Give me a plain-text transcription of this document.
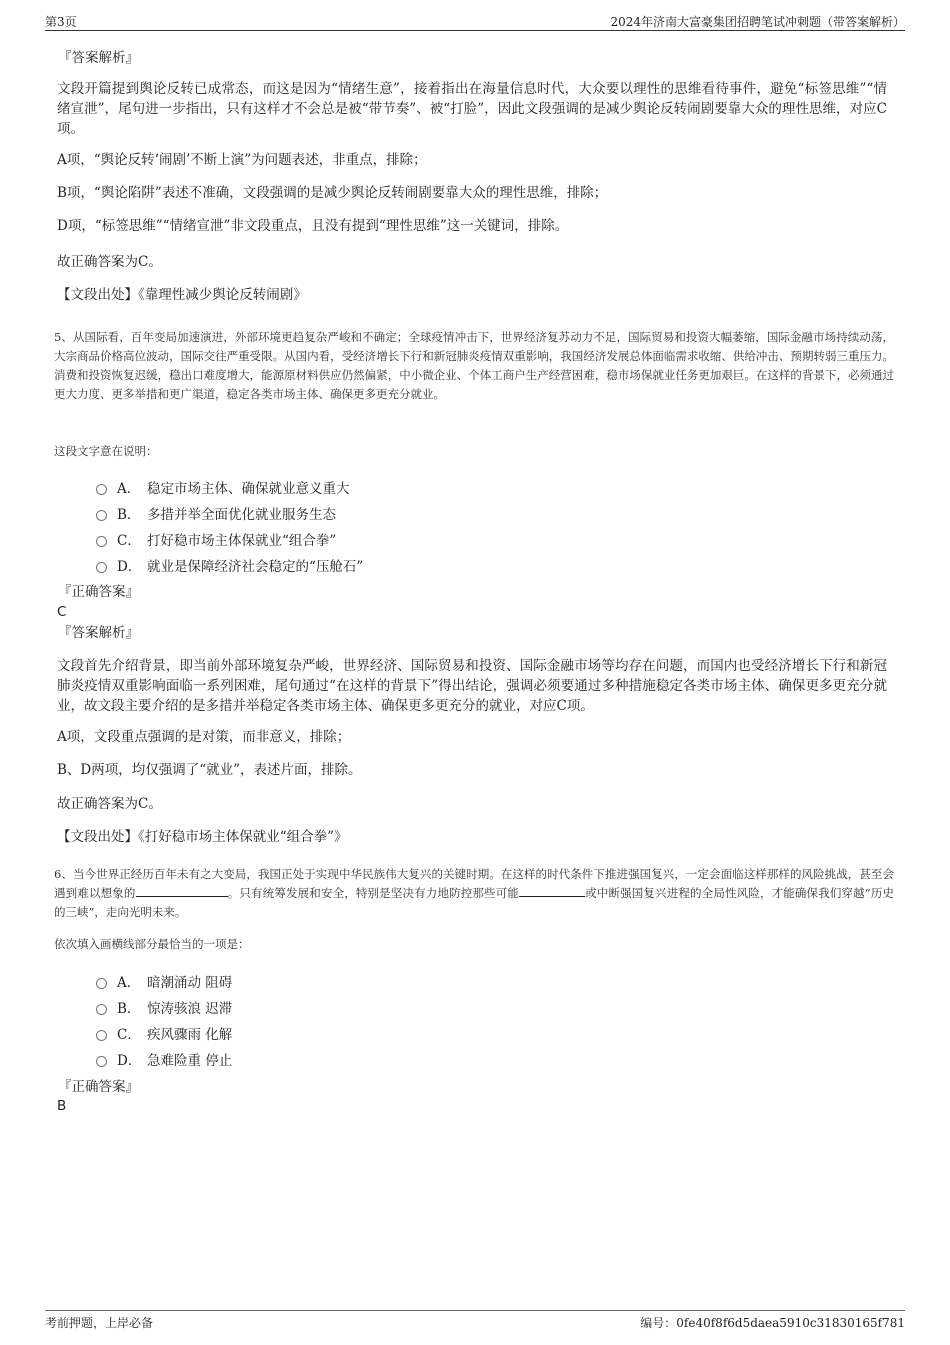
第3页	2024年济南大富豪集团招聘笔试冲刺题（带答案解析）
『答案解析』
文段开篇提到舆论反转已成常态，而这是因为“情绪生意”，接着指出在海量信息时代，大众要以理性的思维看待事件，避免“标签思维”“情绪宣泄”，尾句进一步指出，只有这样才不会总是被“带节奏”、被“打脸”，因此文段强调的是减少舆论反转闹剧要靠大众的理性思维，对应C项。
A项，“舆论反转‘闹剧’不断上演”为问题表述，非重点，排除；
B项，“舆论陷阱”表述不准确，文段强调的是减少舆论反转闹剧要靠大众的理性思维，排除；
D项，“标签思维”“情绪宣泄”非文段重点，且没有提到“理性思维”这一关键词，排除。
故正确答案为C。
【文段出处】《靠理性减少舆论反转闹剧》
5、从国际看，百年变局加速演进，外部环境更趋复杂严峻和不确定；全球疫情冲击下，世界经济复苏动力不足，国际贸易和投资大幅萎缩，国际金融市场持续动荡，大宗商品价格高位波动，国际交往严重受限。从国内看，受经济增长下行和新冠肺炎疫情双重影响，我国经济发展总体面临需求收缩、供给冲击、预期转弱三重压力。消费和投资恢复迟缓，稳出口难度增大，能源原材料供应仍然偏紧，中小微企业、个体工商户生产经营困难，稳市场保就业任务更加艰巨。在这样的背景下，必须通过更大力度、更多举措和更广渠道，稳定各类市场主体、确保更多更充分就业。
这段文字意在说明：
A． 稳定市场主体、确保就业意义重大
B． 多措并举全面优化就业服务生态
C． 打好稳市场主体保就业“组合拳”
D． 就业是保障经济社会稳定的“压舱石”
『正确答案』
C
『答案解析』
文段首先介绍背景，即当前外部环境复杂严峻，世界经济、国际贸易和投资、国际金融市场等均存在问题，而国内也受经济增长下行和新冠肺炎疫情双重影响面临一系列困难，尾句通过“在这样的背景下”得出结论，强调必须要通过多种措施稳定各类市场主体、确保更多更充分就业，故文段主要介绍的是多措并举稳定各类市场主体、确保更多更充分的就业，对应C项。
A项，文段重点强调的是对策，而非意义，排除；
B、D两项，均仅强调了“就业”，表述片面，排除。
故正确答案为C。
【文段出处】《打好稳市场主体保就业“组合拳”》
6、当今世界正经历百年未有之大变局，我国正处于实现中华民族伟大复兴的关键时期。在这样的时代条件下推进强国复兴，一定会面临这样那样的风险挑战，甚至会遇到难以想象的	。只有统筹发展和安全，特别是坚决有力地防控那些可能	或中断强国复兴进程的全局性风险，才能确保我们穿越“历史的三峡”，走向光明未来。
依次填入画横线部分最恰当的一项是：
A． 暗潮涌动 阻碍
B． 惊涛骇浪 迟滞
C． 疾风骤雨 化解
D． 急难险重 停止
『正确答案』
B
考前押题，上岸必备	编号：0fe40f8f6d5daea5910c31830165f781
